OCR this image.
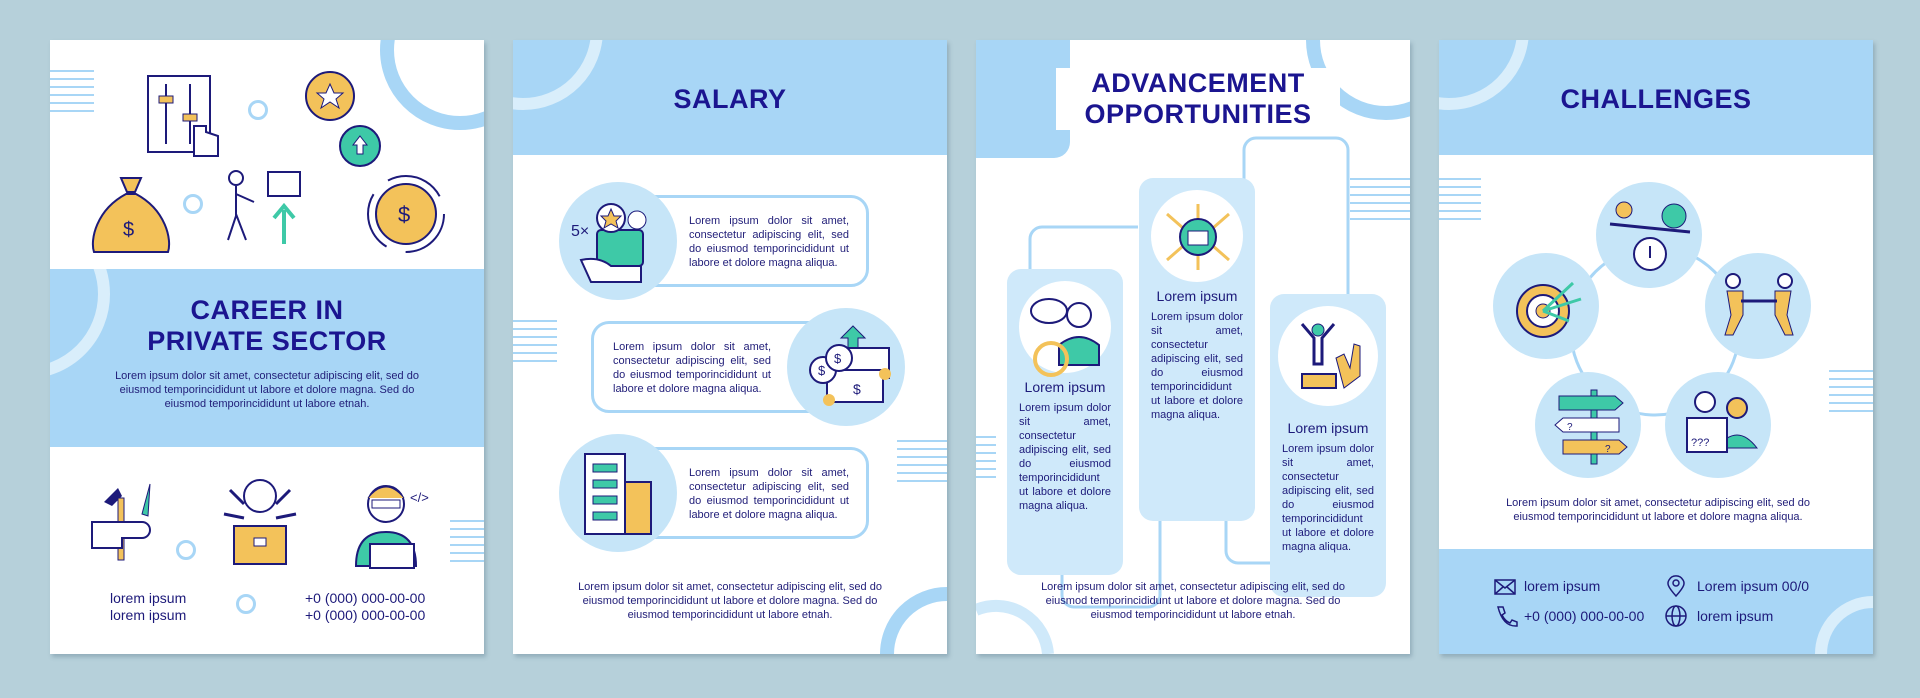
$
$
CAREER IN
PRIVATE SECTOR
Lorem ipsum dolor sit amet, consectetur adipiscing elit, sed do eiusmod temporincididunt ut labore et dolore magna. Sed do eiusmod temporincididunt ut labore etnah.
</>
lorem ipsum
lorem ipsum
+0 (000) 000-00-00
+0 (000) 000-00-00
SALARY
5×
Lorem ipsum dolor sit amet, consectetur adipiscing elit, sed do eiusmod temporincididunt ut labore et dolore magna aliqua.
$
$
$
Lorem ipsum dolor sit amet, consectetur adipiscing elit, sed do eiusmod temporincididunt ut labore et dolore magna aliqua.
Lorem ipsum dolor sit amet, consectetur adipiscing elit, sed do eiusmod temporincididunt ut labore et dolore magna aliqua.
Lorem ipsum dolor sit amet, consectetur adipiscing elit, sed do eiusmod temporincididunt ut labore et dolore magna. Sed do eiusmod temporincididunt ut labore etnah.
ADVANCEMENT
OPPORTUNITIES
Lorem ipsum
Lorem ipsum dolor sit amet, consectetur adipiscing elit, sed do eiusmod temporincididunt ut labore et dolore magna aliqua.
Lorem ipsum
Lorem ipsum dolor sit amet, consectetur adipiscing elit, sed do eiusmod temporincididunt ut labore et dolore magna aliqua.
Lorem ipsum
Lorem ipsum dolor sit amet, consectetur adipiscing elit, sed do eiusmod temporincididunt ut labore et dolore magna aliqua.
Lorem ipsum dolor sit amet, consectetur adipiscing elit, sed do eiusmod temporincididunt ut labore et dolore magna. Sed do eiusmod temporincididunt ut labore etnah.
CHALLENGES
?
?
???
Lorem ipsum dolor sit amet, consectetur adipiscing elit, sed do eiusmod temporincididunt ut labore et dolore magna aliqua.
lorem ipsum	Lorem ipsum 00/0
+0 (000) 000-00-00	lorem ipsum
